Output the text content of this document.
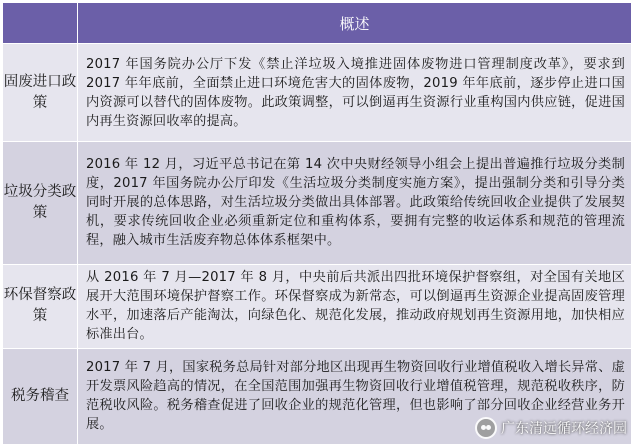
	概述
固废进口政策	2017 年国务院办公厅下发《禁止洋垃圾入境推进固体废物进口管理制度改革》，要求到 2017 年年底前，全面禁止进口环境危害大的固体废物，2019 年年底前，逐步停止进口国内资源可以替代的固体废物。此政策调整，可以倒逼再生资源行业重构国内供应链，促进国内再生资源回收率的提高。
垃圾分类政策	2016 年 12 月，习近平总书记在第 14 次中央财经领导小组会上提出普遍推行垃圾分类制度，2017 年国务院办公厅印发《生活垃圾分类制度实施方案》，提出强制分类和引导分类同时开展的总体思路，对生活垃圾分类做出具体部署。此政策给传统回收企业提供了发展契机，要求传统回收企业必须重新定位和重构体系，要拥有完整的收运体系和规范的管理流程，融入城市生活废弃物总体体系框架中。
环保督察政策	从 2016 年 7 月—2017 年 8 月，中央前后共派出四批环境保护督察组，对全国有关地区展开大范围环境保护督察工作。环保督察成为新常态，可以倒逼再生资源企业提高固废管理水平，加速落后产能淘汰，向绿色化、规范化发展，推动政府规划再生资源用地，加快相应标准出台。
税务稽查	2017 年 7 月，国家税务总局针对部分地区出现再生物资回收行业增值税收入增长异常、虚开发票风险趋高的情况，在全国范围加强再生物资回收行业增值税管理，规范税收秩序，防范税收风险。税务稽查促进了回收企业的规范化管理，但也影响了部分回收企业经营业务开展。	广东清远循环经济园
